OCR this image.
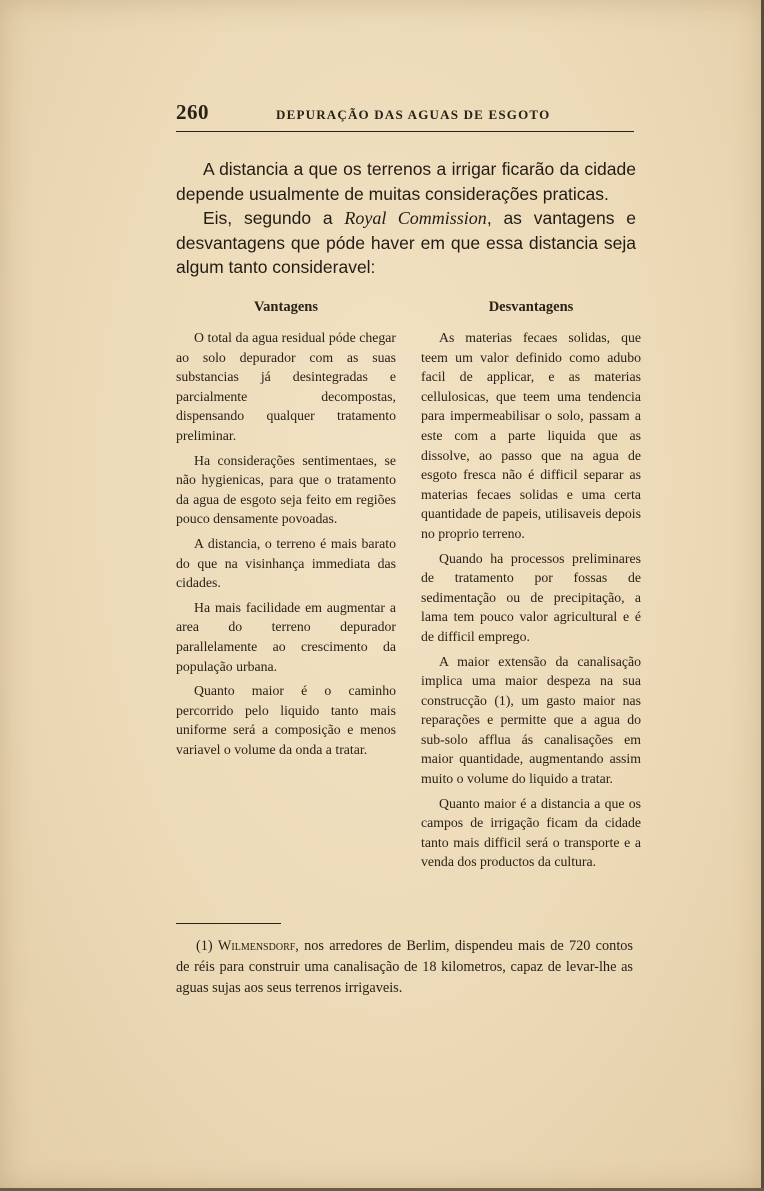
260	DEPURAÇÃO DAS AGUAS DE ESGOTO

A distancia a que os terrenos a irrigar ficarão da cidade depende usualmente de muitas considerações praticas.

Eis, segundo a Royal Commission, as vantagens e desvantagens que póde haver em que essa distancia seja algum tanto consideravel:

Vantagens

O total da agua residual póde chegar ao solo depurador com as suas substancias já desintegradas e parcialmente decompostas, dispensando qualquer tratamento preliminar.

Ha considerações sentimentaes, se não hygienicas, para que o tratamento da agua de esgoto seja feito em regiões pouco densamente povoadas.

A distancia, o terreno é mais barato do que na visinhança immediata das cidades.

Ha mais facilidade em augmentar a area do terreno depurador parallelamente ao crescimento da população urbana.

Quanto maior é o caminho percorrido pelo liquido tanto mais uniforme será a composição e menos variavel o volume da onda a tratar.

Desvantagens

As materias fecaes solidas, que teem um valor definido como adubo facil de applicar, e as materias cellulosicas, que teem uma tendencia para impermeabilisar o solo, passam a este com a parte liquida que as dissolve, ao passo que na agua de esgoto fresca não é difficil separar as materias fecaes solidas e uma certa quantidade de papeis, utilisaveis depois no proprio terreno.

Quando ha processos preliminares de tratamento por fossas de sedimentação ou de precipitação, a lama tem pouco valor agricultural e é de difficil emprego.

A maior extensão da canalisação implica uma maior despeza na sua construcção (1), um gasto maior nas reparações e permitte que a agua do sub-solo afflua ás canalisações em maior quantidade, augmentando assim muito o volume do liquido a tratar.

Quanto maior é a distancia a que os campos de irrigação ficam da cidade tanto mais difficil será o transporte e a venda dos productos da cultura.

(1) Wilmensdorf, nos arredores de Berlim, dispendeu mais de 720 contos de réis para construir uma canalisação de 18 kilometros, capaz de levar-lhe as aguas sujas aos seus terrenos irrigaveis.
